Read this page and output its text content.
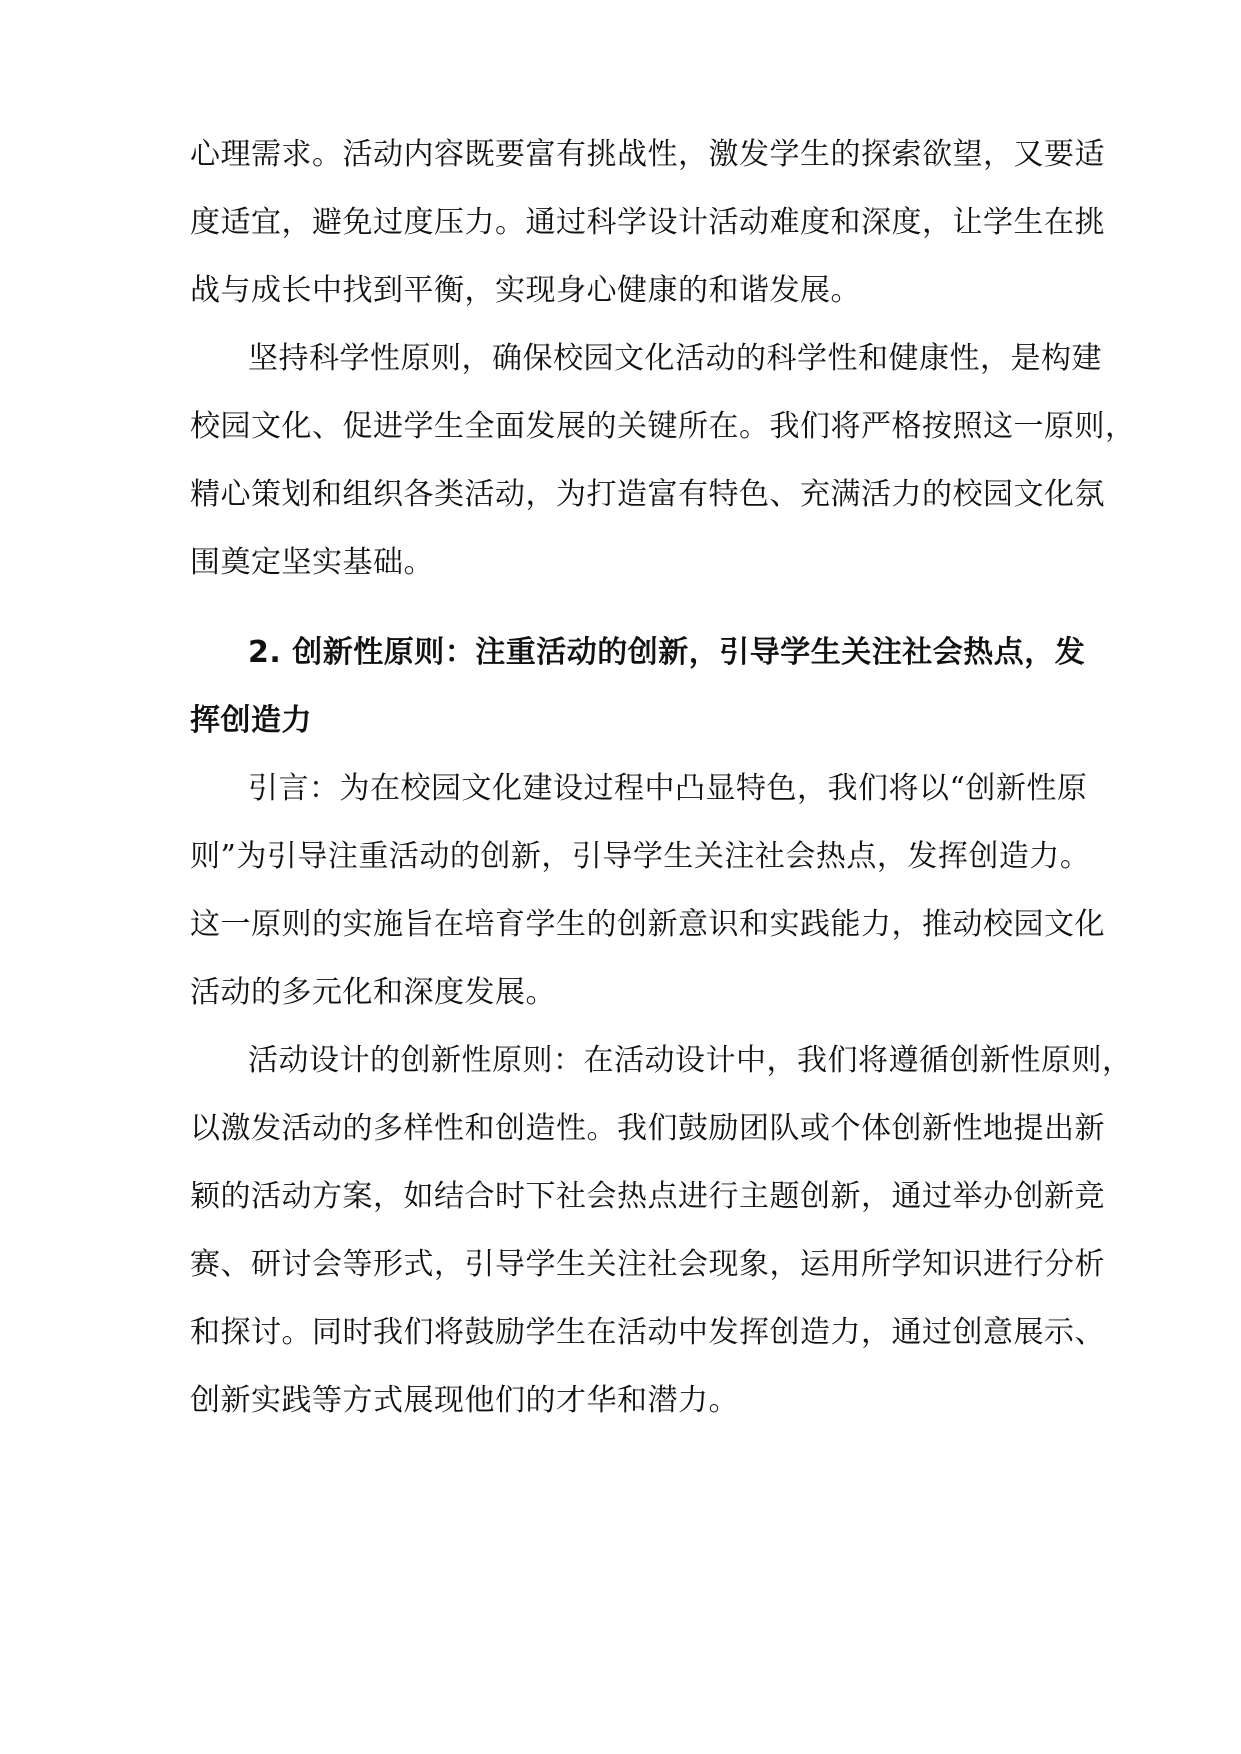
心理需求。活动内容既要富有挑战性，激发学生的探索欲望，又要适
度适宜，避免过度压力。通过科学设计活动难度和深度，让学生在挑
战与成长中找到平衡，实现身心健康的和谐发展。
坚持科学性原则，确保校园文化活动的科学性和健康性，是构建
校园文化、促进学生全面发展的关键所在。我们将严格按照这一原则，
精心策划和组织各类活动，为打造富有特色、充满活力的校园文化氛
围奠定坚实基础。
2. 创新性原则：注重活动的创新，引导学生关注社会热点，发
挥创造力
引言：为在校园文化建设过程中凸显特色，我们将以“创新性原
则”为引导注重活动的创新，引导学生关注社会热点，发挥创造力。
这一原则的实施旨在培育学生的创新意识和实践能力，推动校园文化
活动的多元化和深度发展。
活动设计的创新性原则：在活动设计中，我们将遵循创新性原则，
以激发活动的多样性和创造性。我们鼓励团队或个体创新性地提出新
颖的活动方案，如结合时下社会热点进行主题创新，通过举办创新竞
赛、研讨会等形式，引导学生关注社会现象，运用所学知识进行分析
和探讨。同时我们将鼓励学生在活动中发挥创造力，通过创意展示、
创新实践等方式展现他们的才华和潜力。
